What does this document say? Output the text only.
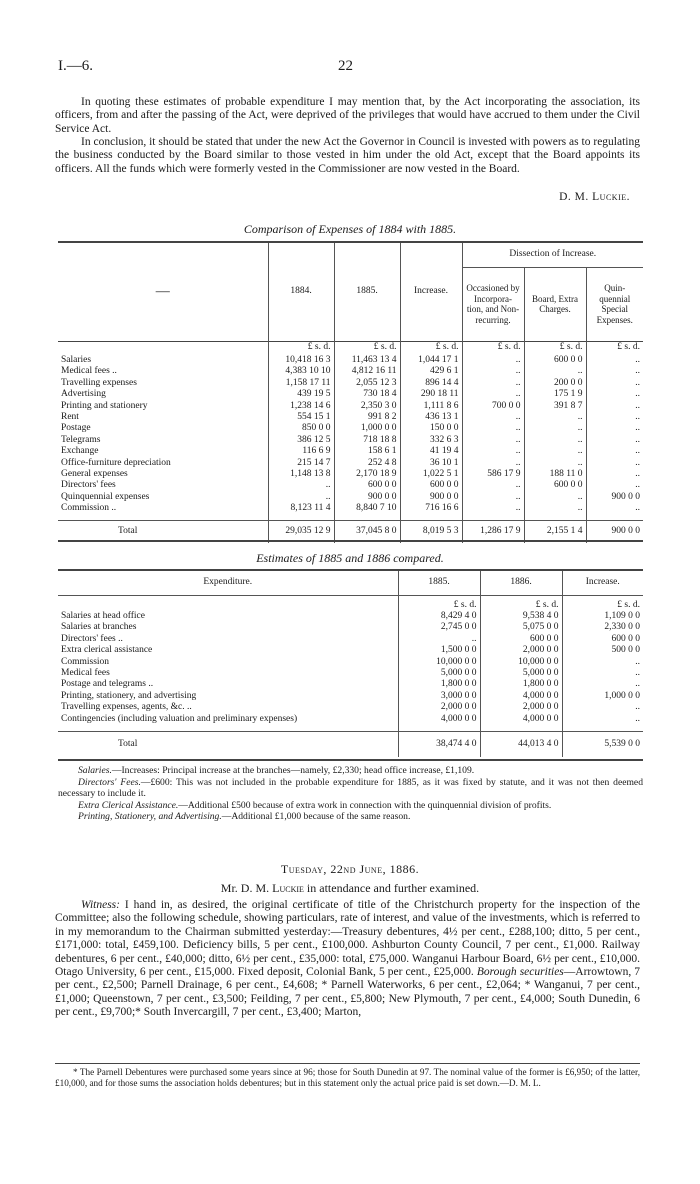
I.—6.	22

In quoting these estimates of probable expenditure I may mention that, by the Act incorporating the association, its officers, from and after the passing of the Act, were deprived of the privileges that would have accrued to them under the Civil Service Act.

In conclusion, it should be stated that under the new Act the Governor in Council is invested with powers as to regulating the business conducted by the Board similar to those vested in him under the old Act, except that the Board appoints its officers. All the funds which were formerly vested in the Commissioner are now vested in the Board.

D. M. Luckie.
Comparison of Expenses of 1884 with 1885.
—	1884.	1885.	Increase.	Dissection of Increase.		
				Occasioned by Incorpora- tion, and Non- recurring.	Board, Extra Charges.	Quin- quennial Special Expenses.
	£ s. d.	£ s. d.	£ s. d.	£ s. d.	£ s. d.	£ s. d.
Salaries	10,418 16 3	11,463 13 4	1,044 17 1	..	600 0 0	..
Medical fees ..	4,383 10 10	4,812 16 11	429 6 1	..	..	..
Travelling expenses	1,158 17 11	2,055 12 3	896 14 4	..	200 0 0	..
Advertising	439 19 5	730 18 4	290 18 11	..	175 1 9	..
Printing and stationery	1,238 14 6	2,350 3 0	1,111 8 6	700 0 0	391 8 7	..
Rent	554 15 1	991 8 2	436 13 1	..	..	..
Postage	850 0 0	1,000 0 0	150 0 0	..	..	..
Telegrams	386 12 5	718 18 8	332 6 3	..	..	..
Exchange	116 6 9	158 6 1	41 19 4	..	..	..
Office-furniture depreciation	215 14 7	252 4 8	36 10 1	..	..	..
General expenses	1,148 13 8	2,170 18 9	1,022 5 1	586 17 9	188 11 0	..
Directors' fees	..	600 0 0	600 0 0	..	600 0 0	..
Quinquennial expenses	..	900 0 0	900 0 0	..	..	900 0 0
Commission ..	8,123 11 4	8,840 7 10	716 16 6	..	..	..

Total	29,035 12 9	37,045 8 0	8,019 5 3	1,286 17 9	2,155 1 4	900 0 0
Estimates of 1885 and 1886 compared.
Expenditure.	1885.	1886.	Increase.
	£ s. d.	£ s. d.	£ s. d.
Salaries at head office	8,429 4 0	9,538 4 0	1,109 0 0
Salaries at branches	2,745 0 0	5,075 0 0	2,330 0 0
Directors' fees ..	..	600 0 0	600 0 0
Extra clerical assistance	1,500 0 0	2,000 0 0	500 0 0
Commission	10,000 0 0	10,000 0 0	..
Medical fees	5,000 0 0	5,000 0 0	..
Postage and telegrams ..	1,800 0 0	1,800 0 0	..
Printing, stationery, and advertising	3,000 0 0	4,000 0 0	1,000 0 0
Travelling expenses, agents, &c. ..	2,000 0 0	2,000 0 0	..
Contingencies (including valuation and preliminary expenses)	4,000 0 0	4,000 0 0	..

Total	38,474 4 0	44,013 4 0	5,539 0 0

Salaries.—Increases: Principal increase at the branches—namely, £2,330; head office increase, £1,109.

Directors' Fees.—£600: This was not included in the probable expenditure for 1885, as it was fixed by statute, and it was not then deemed necessary to include it.

Extra Clerical Assistance.—Additional £500 because of extra work in connection with the quinquennial division of profits.

Printing, Stationery, and Advertising.—Additional £1,000 because of the same reason.

Tuesday, 22nd June, 1886.
Mr. D. M. Luckie in attendance and further examined.

Witness: I hand in, as desired, the original certificate of title of the Christchurch property for the inspection of the Committee; also the following schedule, showing particulars, rate of interest, and value of the investments, which is referred to in my memorandum to the Chairman submitted yesterday:—Treasury debentures, 4½ per cent., £288,100; ditto, 5 per cent., £171,000: total, £459,100. Deficiency bills, 5 per cent., £100,000. Ashburton County Council, 7 per cent., £1,000. Railway debentures, 6 per cent., £40,000; ditto, 6½ per cent., £35,000: total, £75,000. Wanganui Harbour Board, 6½ per cent., £10,000. Otago University, 6 per cent., £15,000. Fixed deposit, Colonial Bank, 5 per cent., £25,000. Borough securities—Arrowtown, 7 per cent., £2,500; Parnell Drainage, 6 per cent., £4,608; * Parnell Waterworks, 6 per cent., £2,064; * Wanganui, 7 per cent., £1,000; Queenstown, 7 per cent., £3,500; Feilding, 7 per cent., £5,800; New Plymouth, 7 per cent., £4,000; South Dunedin, 6 per cent., £9,700;* South Invercargill, 7 per cent., £3,400; Marton,

* The Parnell Debentures were purchased some years since at 96; those for South Dunedin at 97. The nominal value of the former is £6,950; of the latter, £10,000, and for those sums the association holds debentures; but in this statement only the actual price paid is set down.—D. M. L.
